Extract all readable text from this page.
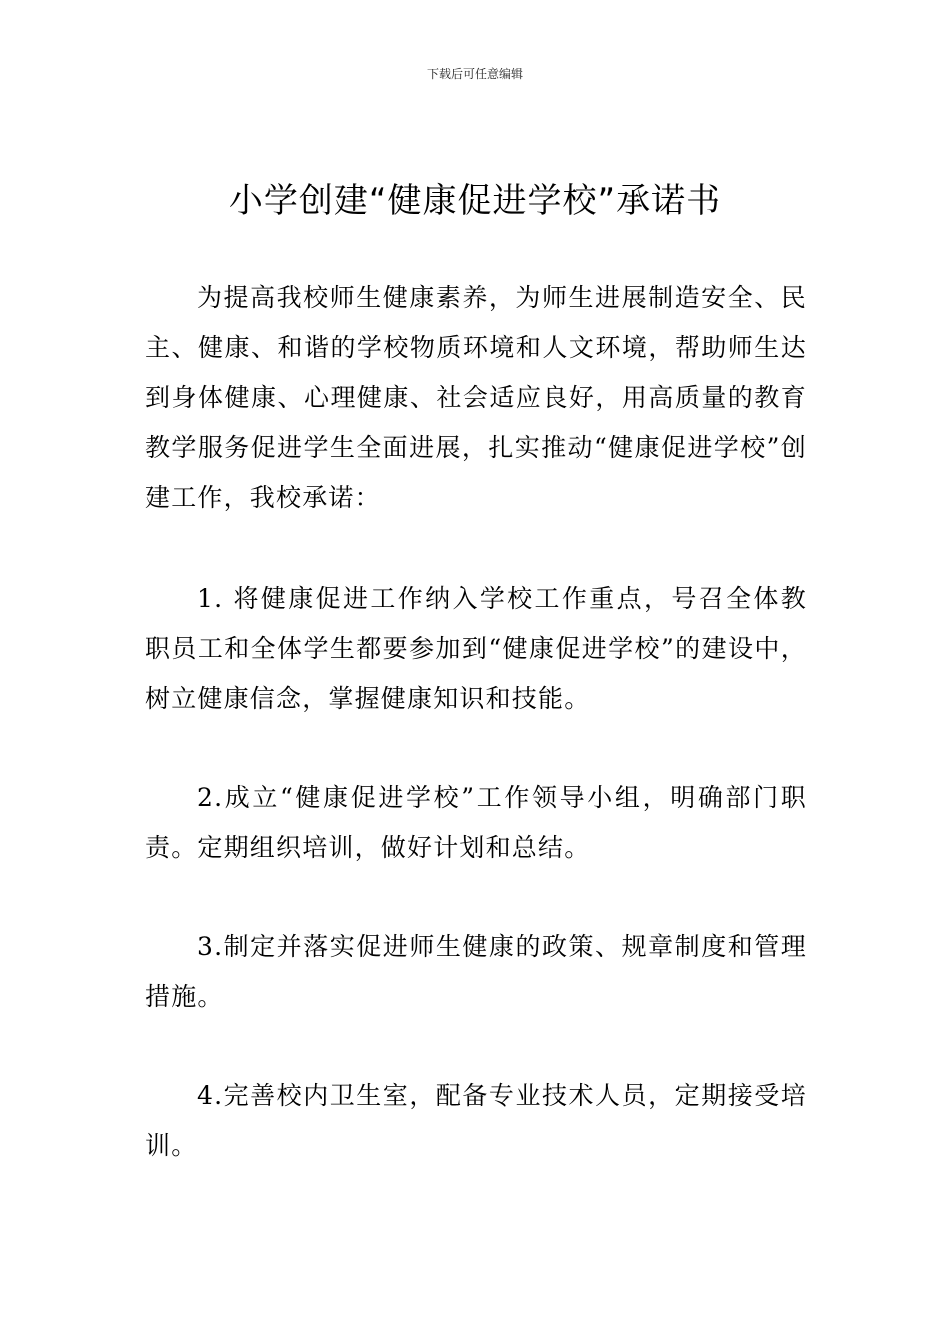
下载后可任意编辑
小学创建“健康促进学校”承诺书

为提高我校师生健康素养，为师生进展制造安全、民主、健康、和谐的学校物质环境和人文环境，帮助师生达到身体健康、心理健康、社会适应良好，用高质量的教育教学服务促进学生全面进展，扎实推动“健康促进学校”创建工作，我校承诺：

1. 将健康促进工作纳入学校工作重点，号召全体教职员工和全体学生都要参加到“健康促进学校”的建设中，树立健康信念，掌握健康知识和技能。

2.成立“健康促进学校”工作领导小组，明确部门职责。定期组织培训，做好计划和总结。

3.制定并落实促进师生健康的政策、规章制度和管理措施。

4.完善校内卫生室，配备专业技术人员，定期接受培训。
